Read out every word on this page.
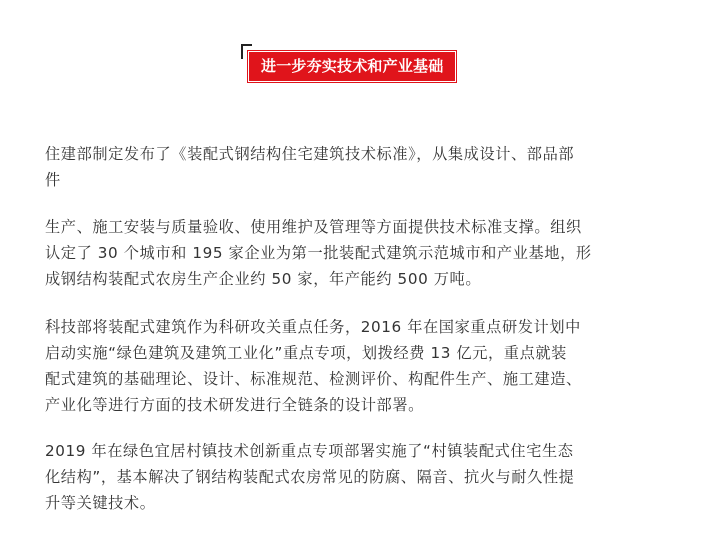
进一步夯实技术和产业基础
住建部制定发布了《装配式钢结构住宅建筑技术标准》，从集成设计、部品部
件
生产、施工安装与质量验收、使用维护及管理等方面提供技术标准支撑。组织
认定了 30 个城市和 195 家企业为第一批装配式建筑示范城市和产业基地，形
成钢结构装配式农房生产企业约 50 家，年产能约 500 万吨。
科技部将装配式建筑作为科研攻关重点任务，2016 年在国家重点研发计划中
启动实施“绿色建筑及建筑工业化”重点专项，划拨经费 13 亿元，重点就装
配式建筑的基础理论、设计、标准规范、检测评价、构配件生产、施工建造、
产业化等进行方面的技术研发进行全链条的设计部署。
2019 年在绿色宜居村镇技术创新重点专项部署实施了“村镇装配式住宅生态
化结构”，基本解决了钢结构装配式农房常见的防腐、隔音、抗火与耐久性提
升等关键技术。
